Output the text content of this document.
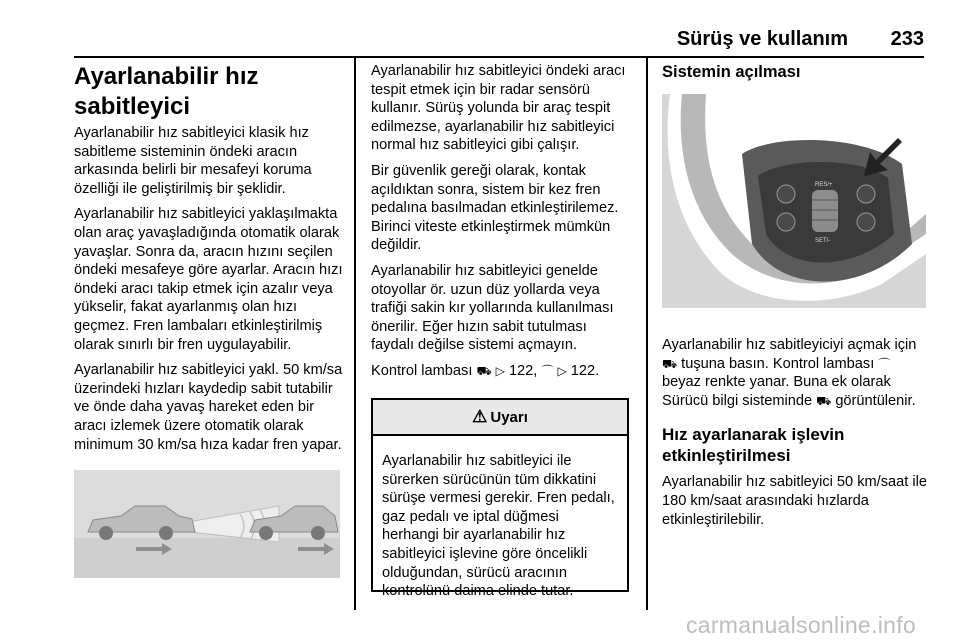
Sürüş ve kullanım 233
Ayarlanabilir hız sabitleyici

Ayarlanabilir hız sabitleyici klasik hız sabitleme sisteminin öndeki aracın arkasında belirli bir mesafeyi koruma özelliği ile geliştirilmiş bir şeklidir.

Ayarlanabilir hız sabitleyici yaklaşılmakta olan araç yavaşladığında otomatik olarak yavaşlar. Sonra da, aracın hızını seçilen öndeki mesafeye göre ayarlar. Aracın hızı öndeki aracı takip etmek için azalır veya yükselir, fakat ayarlanmış olan hızı geçmez. Fren lambaları etkinleştirilmiş olarak sınırlı bir fren uygulayabilir.

Ayarlanabilir hız sabitleyici yakl. 50 km/sa üzerindeki hızları kaydedip sabit tutabilir ve önde daha yavaş hareket eden bir aracı izlemek üzere otomatik olarak minimum 30 km/sa hıza kadar fren yapar.

Ayarlanabilir hız sabitleyici öndeki aracı tespit etmek için bir radar sensörü kullanır. Sürüş yolunda bir araç tespit edilmezse, ayarlanabilir hız sabitleyici normal hız sabitleyici gibi çalışır.

Bir güvenlik gereği olarak, kontak açıldıktan sonra, sistem bir kez fren pedalına basılmadan etkinleştirilemez. Birinci viteste etkinleştirmek mümkün değildir.

Ayarlanabilir hız sabitleyici genelde otoyollar ör. uzun düz yollarda veya trafiği sakin kır yollarında kullanılması önerilir. Eğer hızın sabit tutulması faydalı değilse sistemi açmayın.

Kontrol lambası ⛟ ▷ 122, ⌒ ▷ 122.

⚠ Uyarı
Ayarlanabilir hız sabitleyici ile sürerken sürücünün tüm dikkatini sürüşe vermesi gerekir. Fren pedalı, gaz pedalı ve iptal düğmesi herhangi bir ayarlanabilir hız sabitleyici işlevine göre öncelikli olduğundan, sürücü aracının kontrolünü daima elinde tutar.
Sistemin açılması

Ayarlanabilir hız sabitleyiciyi açmak için ⛟ tuşuna basın. Kontrol lambası ⌒ beyaz renkte yanar. Buna ek olarak Sürücü bilgi sisteminde ⛟ görüntülenir.

Hız ayarlanarak işlevin etkinleştirilmesi

Ayarlanabilir hız sabitleyici 50 km/saat ile 180 km/saat arasındaki hızlarda etkinleştirilebilir.

RES/+
SET/-
carmanualsonline.info
